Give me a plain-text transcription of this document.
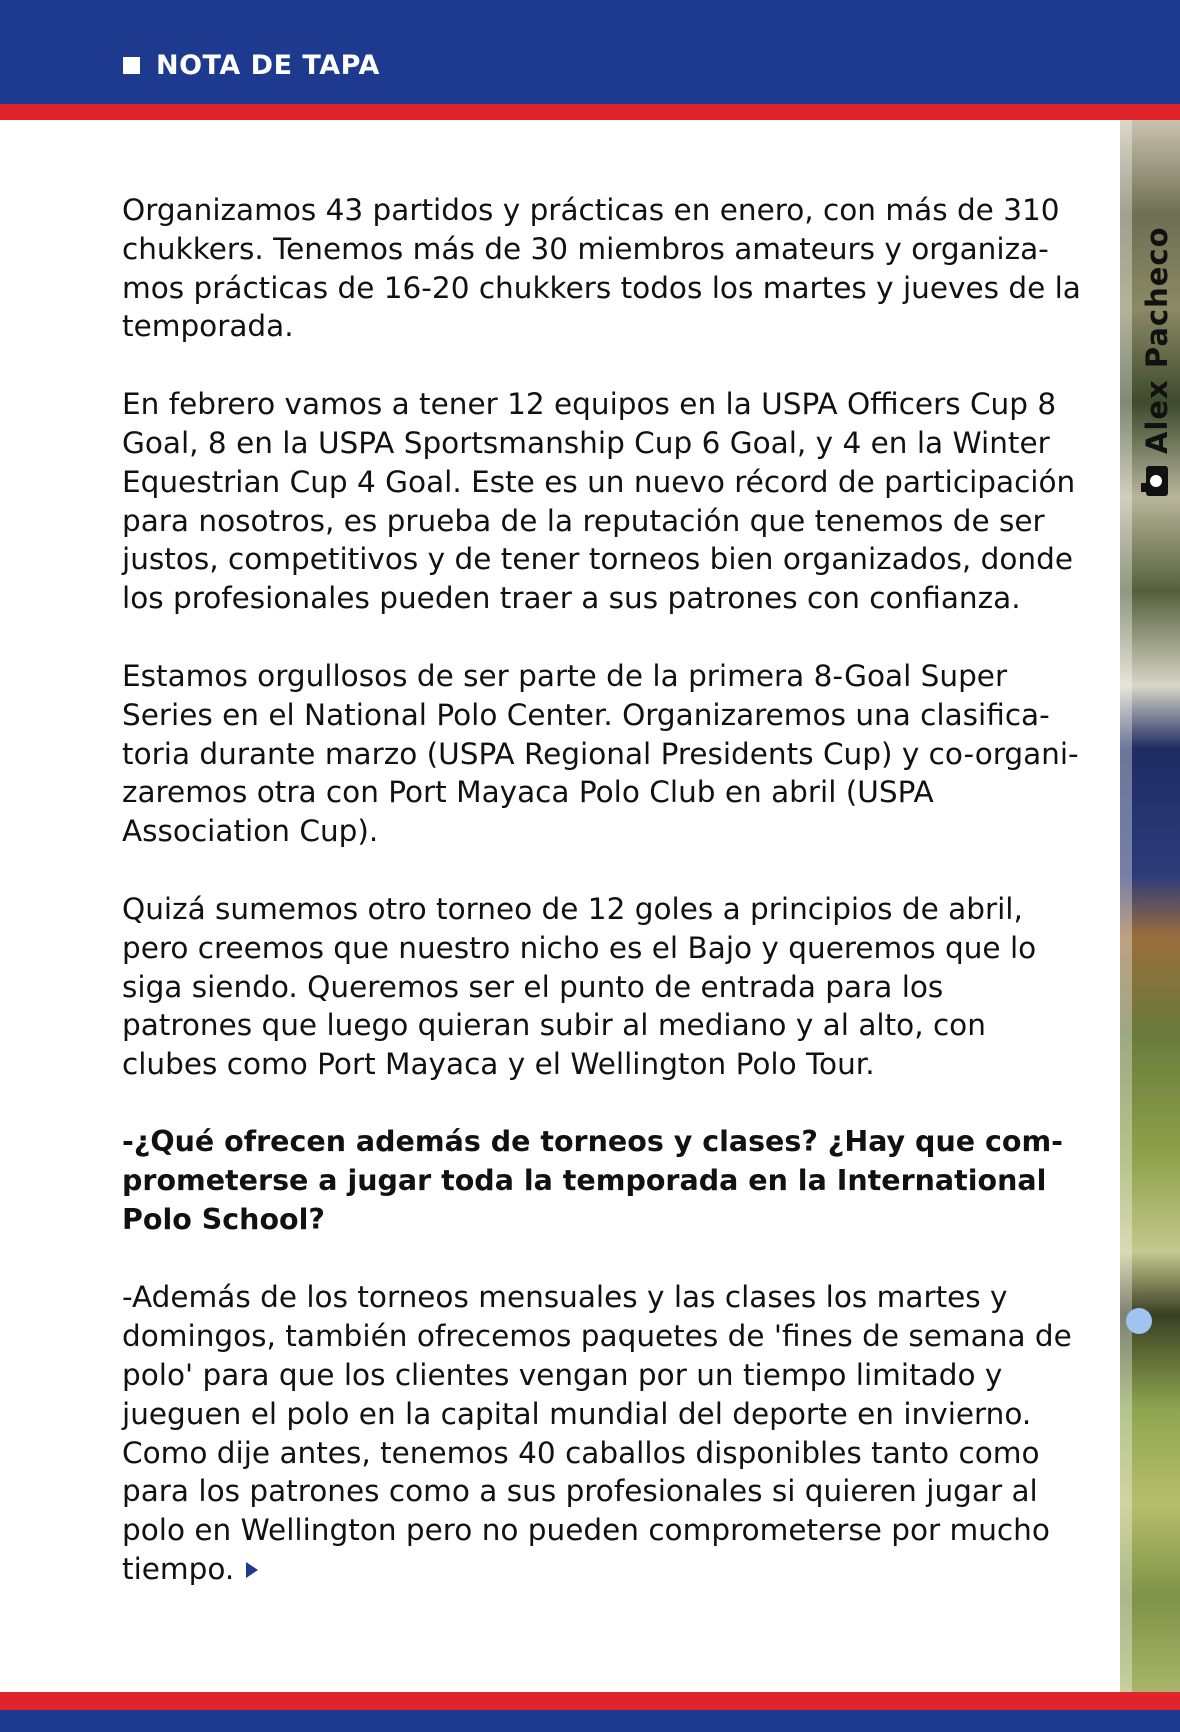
NOTA DE TAPA
Alex Pacheco

Organizamos 43 partidos y prácticas en enero, con más de 310
chukkers. Tenemos más de 30 miembros amateurs y organiza-
mos prácticas de 16-20 chukkers todos los martes y jueves de la
temporada.

En febrero vamos a tener 12 equipos en la USPA Officers Cup 8
Goal, 8 en la USPA Sportsmanship Cup 6 Goal, y 4 en la Winter
Equestrian Cup 4 Goal. Este es un nuevo récord de participación
para nosotros, es prueba de la reputación que tenemos de ser
justos, competitivos y de tener torneos bien organizados, donde
los profesionales pueden traer a sus patrones con confianza.

Estamos orgullosos de ser parte de la primera 8-Goal Super
Series en el National Polo Center. Organizaremos una clasifica-
toria durante marzo (USPA Regional Presidents Cup) y co-organi-
zaremos otra con Port Mayaca Polo Club en abril (USPA
Association Cup).

Quizá sumemos otro torneo de 12 goles a principios de abril,
pero creemos que nuestro nicho es el Bajo y queremos que lo
siga siendo. Queremos ser el punto de entrada para los
patrones que luego quieran subir al mediano y al alto, con
clubes como Port Mayaca y el Wellington Polo Tour.

-¿Qué ofrecen además de torneos y clases? ¿Hay que com-
prometerse a jugar toda la temporada en la International
Polo School?

-Además de los torneos mensuales y las clases los martes y
domingos, también ofrecemos paquetes de 'fines de semana de
polo' para que los clientes vengan por un tiempo limitado y
jueguen el polo en la capital mundial del deporte en invierno.
Como dije antes, tenemos 40 caballos disponibles tanto como
para los patrones como a sus profesionales si quieren jugar al
polo en Wellington pero no pueden comprometerse por mucho
tiempo.
